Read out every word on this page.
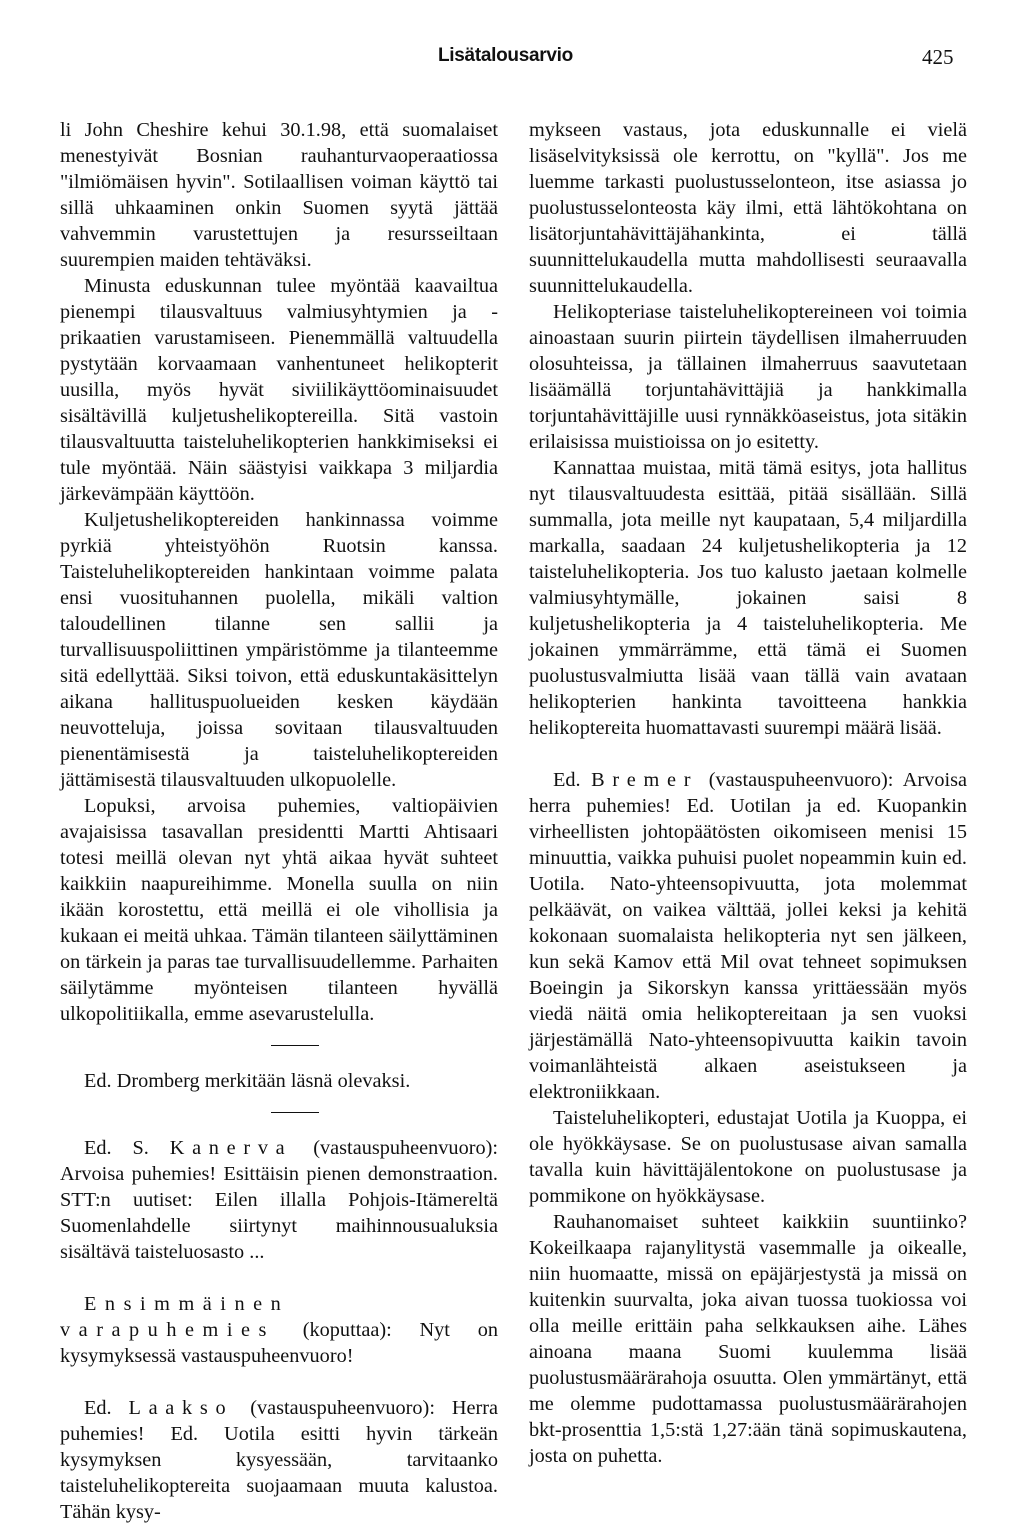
Lisätalousarvio	425

li John Cheshire kehui 30.1.98, että suomalaiset menestyivät Bosnian rauhanturvaoperaatiossa "ilmiömäisen hyvin". Sotilaallisen voiman käyttö tai sillä uhkaaminen onkin Suomen syytä jättää vahvemmin varustettujen ja resursseiltaan suurempien maiden tehtäväksi.

Minusta eduskunnan tulee myöntää kaavailtua pienempi tilausvaltuus valmiusyhtymien ja -prikaatien varustamiseen. Pienemmällä valtuudella pystytään korvaamaan vanhentuneet helikopterit uusilla, myös hyvät siviilikäyttöominaisuudet sisältävillä kuljetushelikoptereilla. Sitä vastoin tilausvaltuutta taisteluhelikopterien hankkimiseksi ei tule myöntää. Näin säästyisi vaikkapa 3 miljardia järkevämpään käyttöön.

Kuljetushelikoptereiden hankinnassa voimme pyrkiä yhteistyöhön Ruotsin kanssa. Taisteluhelikoptereiden hankintaan voimme palata ensi vuosituhannen puolella, mikäli valtion taloudellinen tilanne sen sallii ja turvallisuuspoliittinen ympäristömme ja tilanteemme sitä edellyttää. Siksi toivon, että eduskuntakäsittelyn aikana hallituspuolueiden kesken käydään neuvotteluja, joissa sovitaan tilausvaltuuden pienentämisestä ja taisteluhelikoptereiden jättämisestä tilausvaltuuden ulkopuolelle.

Lopuksi, arvoisa puhemies, valtiopäivien avajaisissa tasavallan presidentti Martti Ahtisaari totesi meillä olevan nyt yhtä aikaa hyvät suhteet kaikkiin naapureihimme. Monella suulla on niin ikään korostettu, että meillä ei ole vihollisia ja kukaan ei meitä uhkaa. Tämän tilanteen säilyttäminen on tärkein ja paras tae turvallisuudellemme. Parhaiten säilytämme myönteisen tilanteen hyvällä ulkopolitiikalla, emme asevarustelulla.

Ed. Dromberg merkitään läsnä olevaksi.

Ed. S. Kanerva (vastauspuheenvuoro): Arvoisa puhemies! Esittäisin pienen demonstraation. STT:n uutiset: Eilen illalla Pohjois-Itämereltä Suomenlahdelle siirtynyt maihinnousualuksia sisältävä taisteluosasto ...

Ensimmäinen varapuhemies (koputtaa): Nyt on kysymyksessä vastauspuheenvuoro!

Ed. Laakso (vastauspuheenvuoro): Herra puhemies! Ed. Uotila esitti hyvin tärkeän kysymyksen kysyessään, tarvitaanko taisteluhelikoptereita suojaamaan muuta kalustoa. Tähän kysy-

mykseen vastaus, jota eduskunnalle ei vielä lisäselvityksissä ole kerrottu, on "kyllä". Jos me luemme tarkasti puolustusselonteon, itse asiassa jo puolustusselonteosta käy ilmi, että lähtökohtana on lisätorjuntahävittäjähankinta, ei tällä suunnittelukaudella mutta mahdollisesti seuraavalla suunnittelukaudella.

Helikopteriase taisteluhelikoptereineen voi toimia ainoastaan suurin piirtein täydellisen ilmaherruuden olosuhteissa, ja tällainen ilmaherruus saavutetaan lisäämällä torjuntahävittäjiä ja hankkimalla torjuntahävittäjille uusi rynnäkköaseistus, jota sitäkin erilaisissa muistioissa on jo esitetty.

Kannattaa muistaa, mitä tämä esitys, jota hallitus nyt tilausvaltuudesta esittää, pitää sisällään. Sillä summalla, jota meille nyt kaupataan, 5,4 miljardilla markalla, saadaan 24 kuljetushelikopteria ja 12 taisteluhelikopteria. Jos tuo kalusto jaetaan kolmelle valmiusyhtymälle, jokainen saisi 8 kuljetushelikopteria ja 4 taisteluhelikopteria. Me jokainen ymmärrämme, että tämä ei Suomen puolustusvalmiutta lisää vaan tällä vain avataan helikopterien hankinta tavoitteena hankkia helikoptereita huomattavasti suurempi määrä lisää.

Ed. Bremer (vastauspuheenvuoro): Arvoisa herra puhemies! Ed. Uotilan ja ed. Kuopankin virheellisten johtopäätösten oikomiseen menisi 15 minuuttia, vaikka puhuisi puolet nopeammin kuin ed. Uotila. Nato-yhteensopivuutta, jota molemmat pelkäävät, on vaikea välttää, jollei keksi ja kehitä kokonaan suomalaista helikopteria nyt sen jälkeen, kun sekä Kamov että Mil ovat tehneet sopimuksen Boeingin ja Sikorskyn kanssa yrittäessään myös viedä näitä omia helikoptereitaan ja sen vuoksi järjestämällä Nato-yhteensopivuutta kaikin tavoin voimanlähteistä alkaen aseistukseen ja elektroniikkaan.

Taisteluhelikopteri, edustajat Uotila ja Kuoppa, ei ole hyökkäysase. Se on puolustusase aivan samalla tavalla kuin hävittäjälentokone on puolustusase ja pommikone on hyökkäysase.

Rauhanomaiset suhteet kaikkiin suuntiinko? Kokeilkaapa rajanylitystä vasemmalle ja oikealle, niin huomaatte, missä on epäjärjestystä ja missä on kuitenkin suurvalta, joka aivan tuossa tuokiossa voi olla meille erittäin paha selkkauksen aihe. Lähes ainoana maana Suomi kuulemma lisää puolustusmäärärahoja osuutta. Olen ymmärtänyt, että me olemme pudottamassa puolustusmäärärahojen bkt-prosenttia 1,5:stä 1,27:ään tänä sopimuskautena, josta on puhetta.
